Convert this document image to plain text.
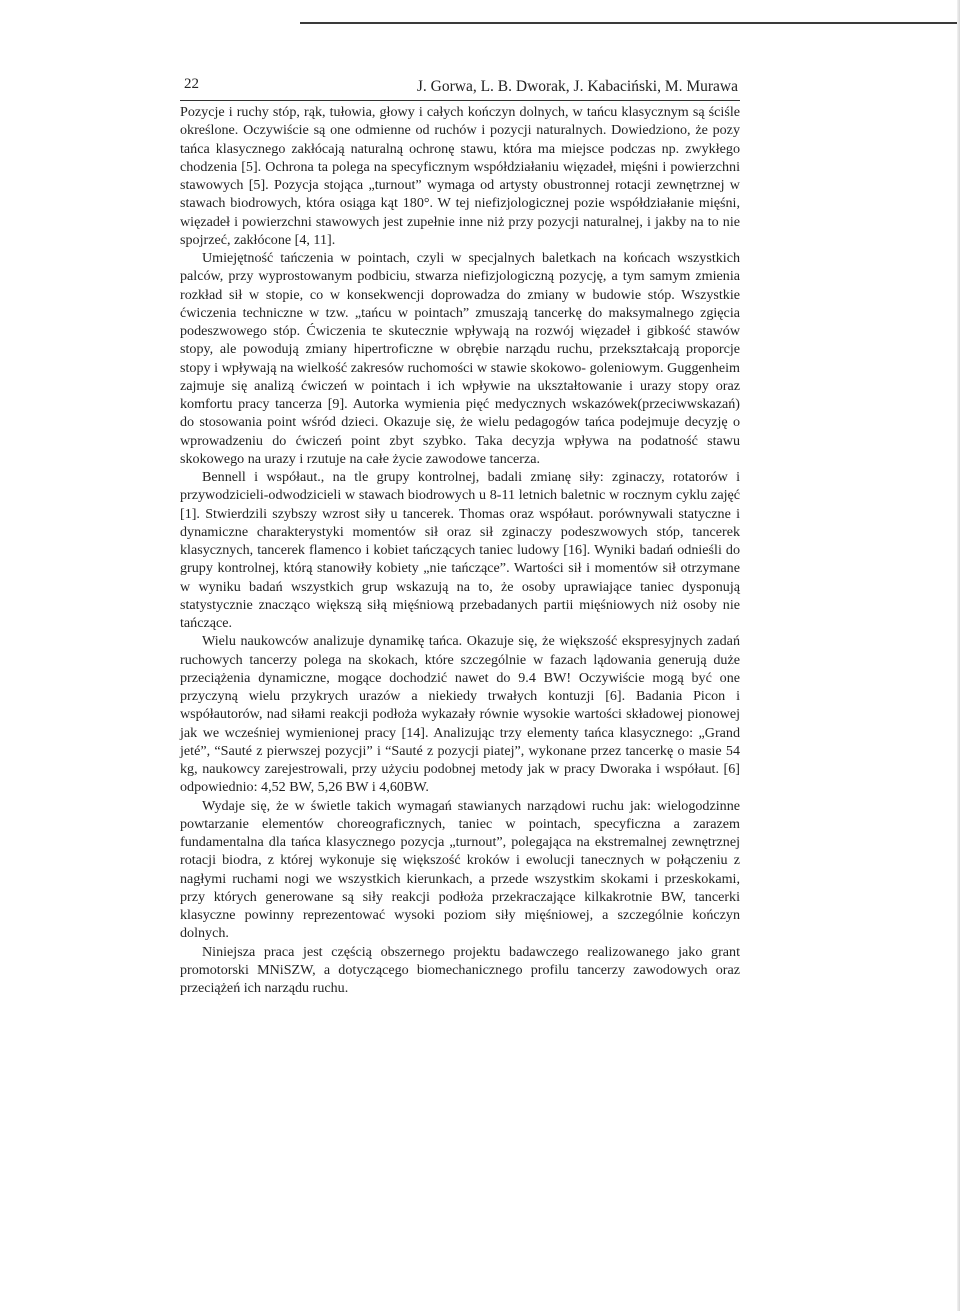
22	J. Gorwa, L. B. Dworak, J. Kabaciński, M. Murawa

Pozycje i ruchy stóp, rąk, tułowia, głowy i całych kończyn dolnych, w tańcu klasycznym są ściśle określone. Oczywiście są one odmienne od ruchów i pozycji naturalnych. Dowiedziono, że pozy tańca klasycznego zakłócają naturalną ochronę stawu, która ma miejsce podczas np. zwykłego chodzenia [5]. Ochrona ta polega na specyficznym współdziałaniu więzadeł, mięśni i powierzchni stawowych [5]. Pozycja stojąca „turnout” wymaga od artysty obustronnej rotacji zewnętrznej w stawach biodrowych, która osiąga kąt 180°. W tej niefizjologicznej pozie współdziałanie mięśni, więzadeł i powierzchni stawowych jest zupełnie inne niż przy pozycji naturalnej, i jakby na to nie spojrzeć, zakłócone [4, 11].

Umiejętność tańczenia w pointach, czyli w specjalnych baletkach na końcach wszystkich palców, przy wyprostowanym podbiciu, stwarza niefizjologiczną pozycję, a tym samym zmienia rozkład sił w stopie, co w konsekwencji doprowadza do zmiany w budowie stóp. Wszystkie ćwiczenia techniczne w tzw. „tańcu w pointach” zmuszają tancerkę do maksymalnego zgięcia podeszwowego stóp. Ćwiczenia te skutecznie wpływają na rozwój więzadeł i gibkość stawów stopy, ale powodują zmiany hipertroficzne w obrębie narządu ruchu, przekształcają proporcje stopy i wpływają na wielkość zakresów ruchomości w stawie skokowo- goleniowym. Guggenheim zajmuje się analizą ćwiczeń w pointach i ich wpływie na ukształtowanie i urazy stopy oraz komfortu pracy tancerza [9]. Autorka wymienia pięć medycznych wskazówek(przeciwwskazań) do stosowania point wśród dzieci. Okazuje się, że wielu pedagogów tańca podejmuje decyzję o wprowadzeniu do ćwiczeń point zbyt szybko. Taka decyzja wpływa na podatność stawu skokowego na urazy i rzutuje na całe życie zawodowe tancerza.

Bennell i współaut., na tle grupy kontrolnej, badali zmianę siły: zginaczy, rotatorów i przywodzicieli-odwodzicieli w stawach biodrowych u 8-11 letnich baletnic w rocznym cyklu zajęć [1]. Stwierdzili szybszy wzrost siły u tancerek. Thomas oraz współaut. porównywali statyczne i dynamiczne charakterystyki momentów sił oraz sił zginaczy podeszwowych stóp, tancerek klasycznych, tancerek flamenco i kobiet tańczących taniec ludowy [16]. Wyniki badań odnieśli do grupy kontrolnej, którą stanowiły kobiety „nie tańczące”. Wartości sił i momentów sił otrzymane w wyniku badań wszystkich grup wskazują na to, że osoby uprawiające taniec dysponują statystycznie znacząco większą siłą mięśniową przebadanych partii mięśniowych niż osoby nie tańczące.

Wielu naukowców analizuje dynamikę tańca. Okazuje się, że większość ekspresyjnych zadań ruchowych tancerzy polega na skokach, które szczególnie w fazach lądowania generują duże przeciążenia dynamiczne, mogące dochodzić nawet do 9.4 BW! Oczywiście mogą być one przyczyną wielu przykrych urazów a niekiedy trwałych kontuzji [6]. Badania Picon i współautorów, nad siłami reakcji podłoża wykazały równie wysokie wartości składowej pionowej jak we wcześniej wymienionej pracy [14]. Analizując trzy elementy tańca klasycznego: „Grand jeté”, “Sauté z pierwszej pozycji” i “Sauté z pozycji piatej”, wykonane przez tancerkę o masie 54 kg, naukowcy zarejestrowali, przy użyciu podobnej metody jak w pracy Dworaka i współaut. [6] odpowiednio: 4,52 BW, 5,26 BW i 4,60BW.

Wydaje się, że w świetle takich wymagań stawianych narządowi ruchu jak: wielogodzinne powtarzanie elementów choreograficznych, taniec w pointach, specyficzna a zarazem fundamentalna dla tańca klasycznego pozycja „turnout”, polegająca na ekstremalnej zewnętrznej rotacji biodra, z której wykonuje się większość kroków i ewolucji tanecznych w połączeniu z nagłymi ruchami nogi we wszystkich kierunkach, a przede wszystkim skokami i przeskokami, przy których generowane są siły reakcji podłoża przekraczające kilkakrotnie BW, tancerki klasyczne powinny reprezentować wysoki poziom siły mięśniowej, a szczególnie kończyn dolnych.

Niniejsza praca jest częścią obszernego projektu badawczego realizowanego jako grant promotorski MNiSZW, a dotyczącego biomechanicznego profilu tancerzy zawodowych oraz przeciążeń ich narządu ruchu.
